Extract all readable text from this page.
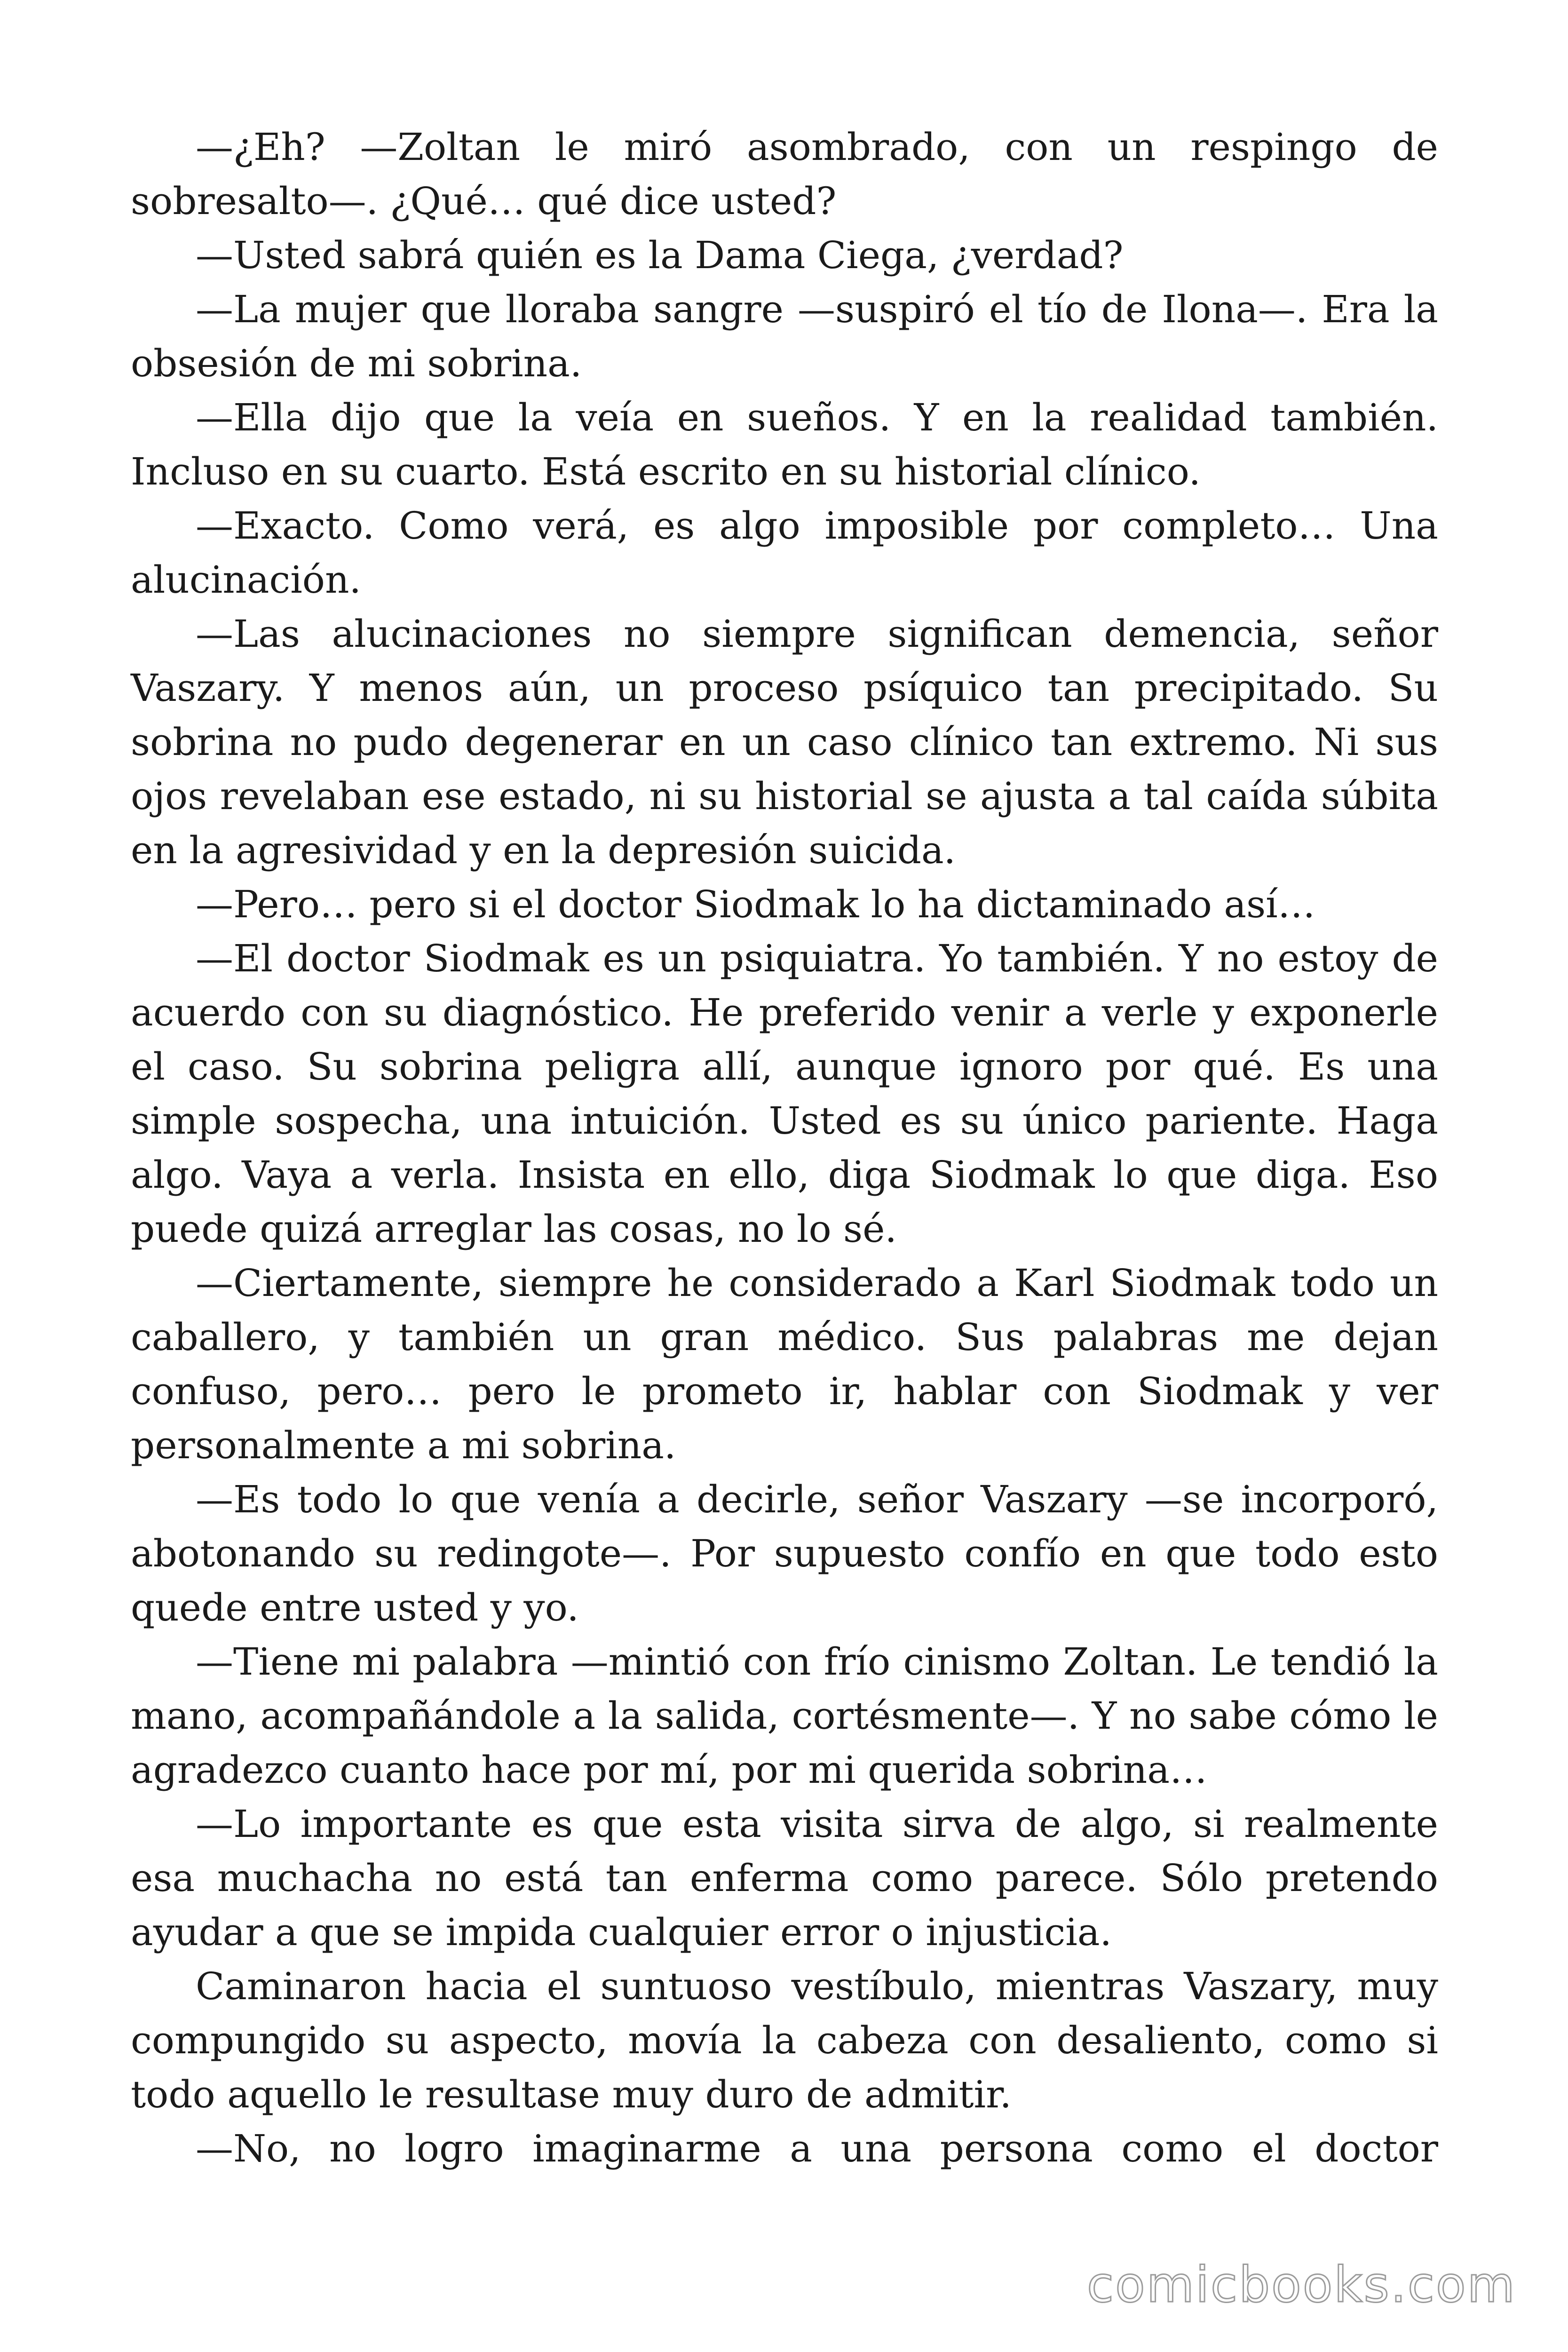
—¿Eh? —Zoltan le miró asombrado, con un respingo de sobresalto—. ¿Qué… qué dice usted?

—Usted sabrá quién es la Dama Ciega, ¿verdad?

—La mujer que lloraba sangre —suspiró el tío de Ilona—. Era la obsesión de mi sobrina.

—Ella dijo que la veía en sueños. Y en la realidad también. Incluso en su cuarto. Está escrito en su historial clínico.

—Exacto. Como verá, es algo imposible por completo… Una alucinación.

—Las alucinaciones no siempre significan demencia, señor Vaszary. Y menos aún, un proceso psíquico tan precipitado. Su sobrina no pudo degenerar en un caso clínico tan extremo. Ni sus ojos revelaban ese estado, ni su historial se ajusta a tal caída súbita en la agresividad y en la depresión suicida.

—Pero… pero si el doctor Siodmak lo ha dictaminado así…

—El doctor Siodmak es un psiquiatra. Yo también. Y no estoy de acuerdo con su diagnóstico. He preferido venir a verle y exponerle el caso. Su sobrina peligra allí, aunque ignoro por qué. Es una simple sospecha, una intuición. Usted es su único pariente. Haga algo. Vaya a verla. Insista en ello, diga Siodmak lo que diga. Eso puede quizá arreglar las cosas, no lo sé.

—Ciertamente, siempre he considerado a Karl Siodmak todo un caballero, y también un gran médico. Sus palabras me dejan confuso, pero… pero le prometo ir, hablar con Siodmak y ver personalmente a mi sobrina.

—Es todo lo que venía a decirle, señor Vaszary —se incorporó, abotonando su redingote—. Por supuesto confío en que todo esto quede entre usted y yo.

—Tiene mi palabra —mintió con frío cinismo Zoltan. Le tendió la mano, acompañándole a la salida, cortésmente—. Y no sabe cómo le agradezco cuanto hace por mí, por mi querida sobrina…

—Lo importante es que esta visita sirva de algo, si realmente esa muchacha no está tan enferma como parece. Sólo pretendo ayudar a que se impida cualquier error o injusticia.

Caminaron hacia el suntuoso vestíbulo, mientras Vaszary, muy compungido su aspecto, movía la cabeza con desaliento, como si todo aquello le resultase muy duro de admitir.

—No, no logro imaginarme a una persona como el doctor

comicbooks.com
